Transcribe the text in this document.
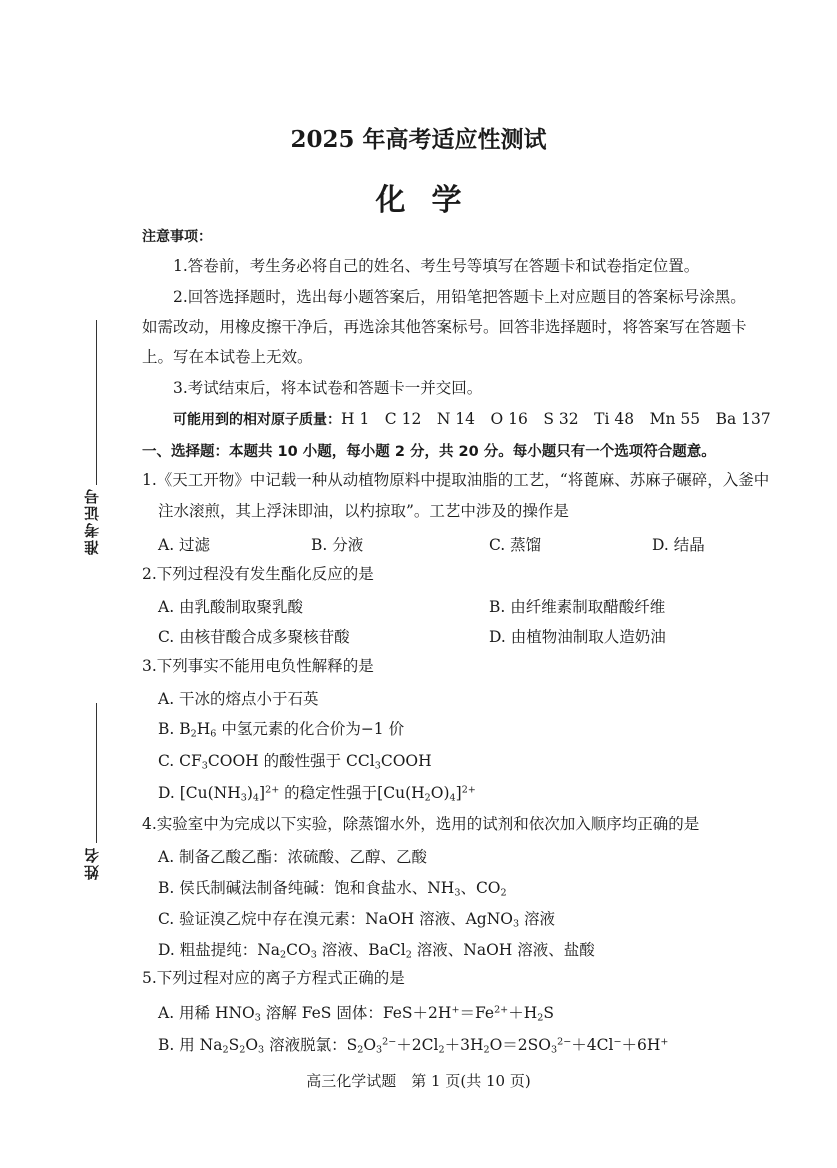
2025 年高考适应性测试
化学
准考证号
姓名
注意事项：
1.答卷前，考生务必将自己的姓名、考生号等填写在答题卡和试卷指定位置。
2.回答选择题时，选出每小题答案后，用铅笔把答题卡上对应题目的答案标号涂黑。
如需改动，用橡皮擦干净后，再选涂其他答案标号。回答非选择题时，将答案写在答题卡
上。写在本试卷上无效。
3.考试结束后，将本试卷和答题卡一并交回。
可能用到的相对原子质量：H 1　C 12　N 14　O 16　S 32　Ti 48　Mn 55　Ba 137
一、选择题：本题共 10 小题，每小题 2 分，共 20 分。每小题只有一个选项符合题意。
1.《天工开物》中记载一种从动植物原料中提取油脂的工艺，“将蓖麻、苏麻子碾碎，入釜中
注水滚煎，其上浮沫即油，以杓掠取”。工艺中涉及的操作是
A. 过滤	B. 分液	C. 蒸馏	D. 结晶
2.下列过程没有发生酯化反应的是
A. 由乳酸制取聚乳酸	B. 由纤维素制取醋酸纤维
C. 由核苷酸合成多聚核苷酸	D. 由植物油制取人造奶油
3.下列事实不能用电负性解释的是
A. 干冰的熔点小于石英
B. $B_2H_6$ 中氢元素的化合价为−1 价
C. $CF_3COOH$ 的酸性强于 CCl$_3$COOH
D. $[Cu(NH_3)_4]^{2+}$ 的稳定性强于$[Cu(H_2O)_4]^{2+}$
4.实验室中为完成以下实验，除蒸馏水外，选用的试剂和依次加入顺序均正确的是
A. 制备乙酸乙酯：浓硫酸、乙醇、乙酸
B. 侯氏制碱法制备纯碱：饱和食盐水、$NH_3$、$CO_2$
C. 验证溴乙烷中存在溴元素：NaOH 溶液、AgNO$_3$ 溶液
D. 粗盐提纯：$Na_2CO_3$ 溶液、BaCl$_2$ 溶液、NaOH 溶液、盐酸
5.下列过程对应的离子方程式正确的是
A. 用稀 $HNO_3$ 溶解 FeS 固体：$FeS+2H^+=Fe^{2+}+H_2S$
B. 用 $Na_2S_2O_3$ 溶液脱氯：$S_2O_3^{2-}+2Cl_2+3H_2O=2SO_3^{2-}+4Cl^-+6H^+$
高三化学试题　第 1 页(共 10 页)
